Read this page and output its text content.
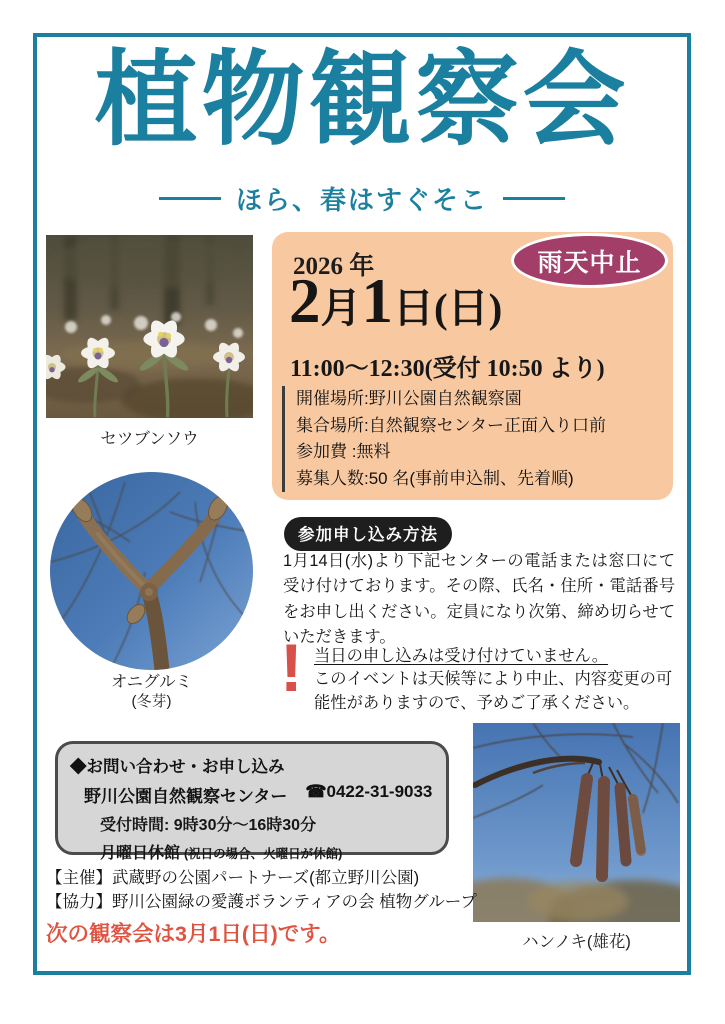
植物観察会
ほら、春はすぐそこ
セツブンソウ
雨天中止
2026 年
2 月 1 日(日)
11:00〜12:30(受付 10:50 より)
開催場所:野川公園自然観察園
集合場所:自然観察センター正面入り口前
参加費 :無料
募集人数:50 名(事前申込制、先着順)
参加申し込み方法
1月14日(水)より下記センターの電話または窓口にて受け付けております。その際、氏名・住所・電話番号をお申し出ください。定員になり次第、締め切らせていただきます。
! 当日の申し込みは受け付けていません。
このイベントは天候等により中止、内容変更の可能性がありますので、予めご了承ください。
オニグルミ
(冬芽)
◆お問い合わせ・お申し込み
野川公園自然観察センター ☎0422-31-9033
受付時間: 9時30分〜16時30分
月曜日休館 (祝日の場合、火曜日が休館)
ハンノキ(雄花)
【主催】武蔵野の公園パートナーズ(都立野川公園)
【協力】野川公園緑の愛護ボランティアの会 植物グループ
次の観察会は3月1日(日)です。
